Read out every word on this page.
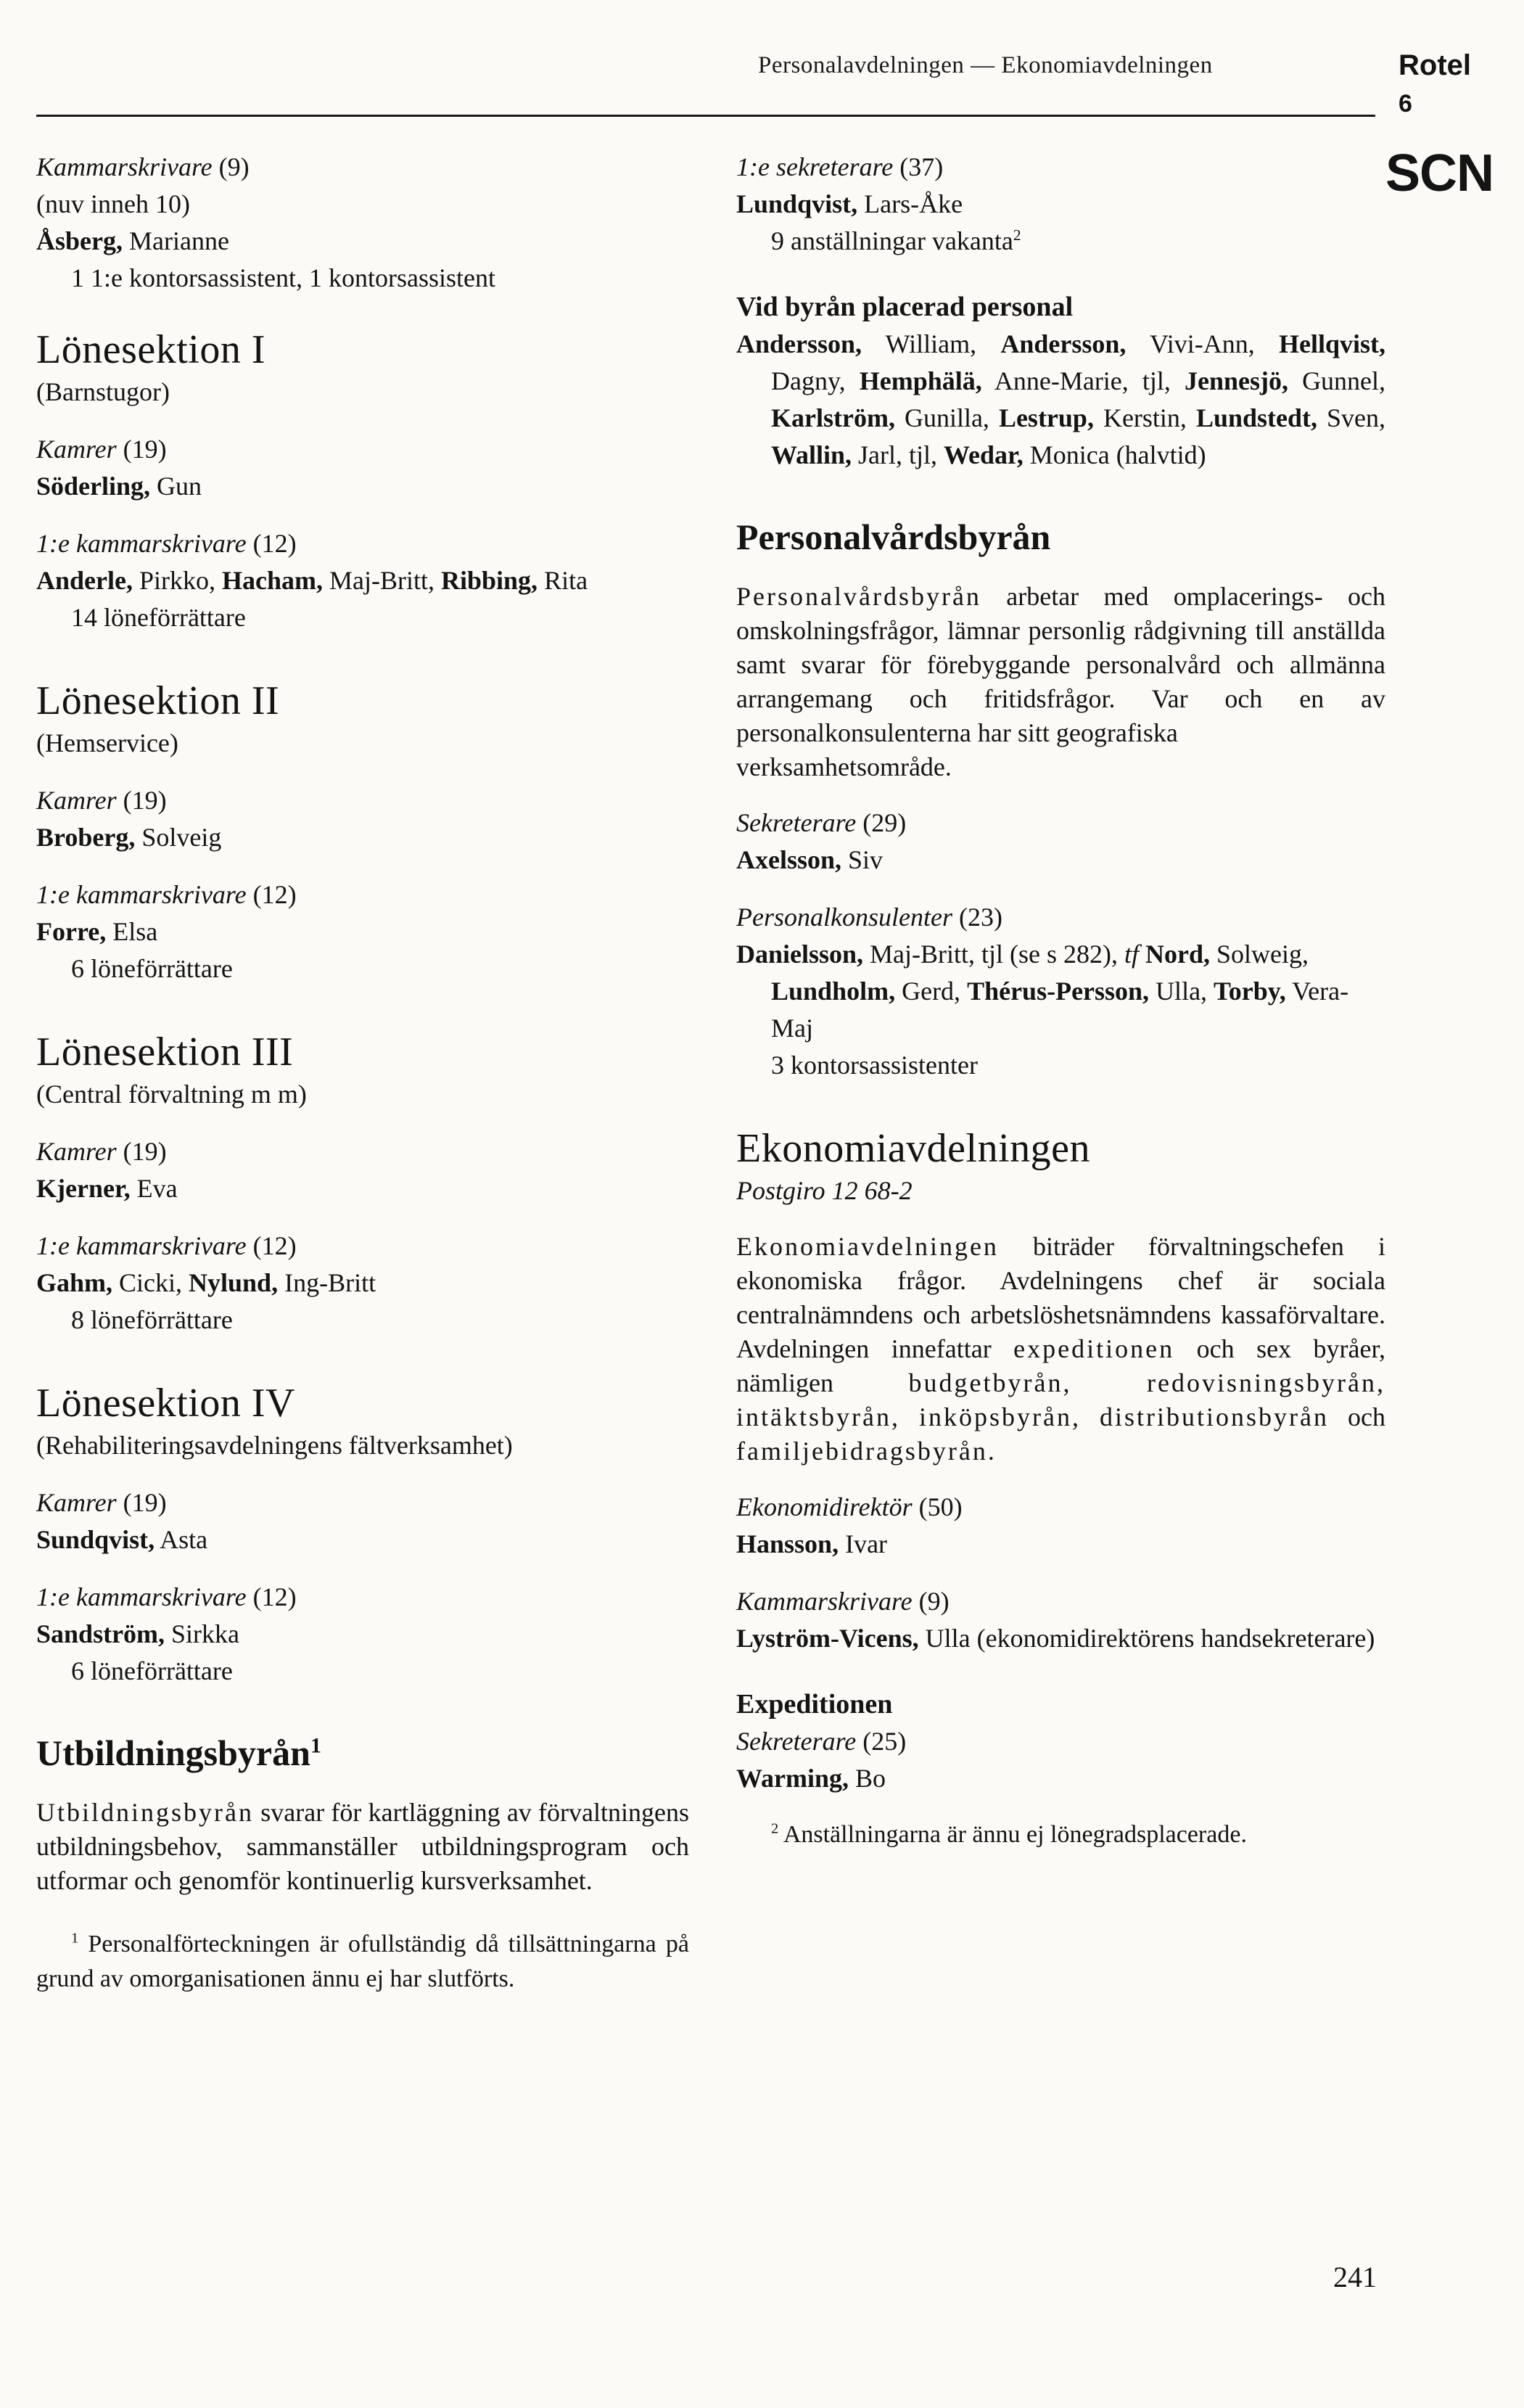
Personalavdelningen — Ekonomiavdelningen	Rotel
6
SCN

Kammarskrivare (9)

(nuv inneh 10)

Åsberg, Marianne

1 1:e kontorsassistent, 1 kontorsassistent

Lönesektion I

(Barnstugor)

Kamrer (19)

Söderling, Gun

1:e kammarskrivare (12)

Anderle, Pirkko, Hacham, Maj-Britt, Ribbing, Rita

14 löneförrättare

Lönesektion II

(Hemservice)

Kamrer (19)

Broberg, Solveig

1:e kammarskrivare (12)

Forre, Elsa

6 löneförrättare

Lönesektion III

(Central förvaltning m m)

Kamrer (19)

Kjerner, Eva

1:e kammarskrivare (12)

Gahm, Cicki, Nylund, Ing-Britt

8 löneförrättare

Lönesektion IV

(Rehabiliteringsavdelningens fältverksamhet)

Kamrer (19)

Sundqvist, Asta

1:e kammarskrivare (12)

Sandström, Sirkka

6 löneförrättare

Utbildningsbyrån$^1$

Utbildningsbyrån svarar för kartläggning av förvaltningens utbildningsbehov, sammanställer utbildningsprogram och utformar och genomför kontinuerlig kursverksamhet.

$^1$ Personalförteckningen är ofullständig då tillsättningarna på grund av omorganisationen ännu ej har slutförts.

1:e sekreterare (37)

Lundqvist, Lars-Åke

9 anställningar vakanta$^2$

Vid byrån placerad personal

Andersson, William, Andersson, Vivi-Ann, Hellqvist, Dagny, Hemphälä, Anne-Marie, tjl, Jennesjö, Gunnel, Karlström, Gunilla, Lestrup, Kerstin, Lundstedt, Sven, Wallin, Jarl, tjl, Wedar, Monica (halvtid)

Personalvårdsbyrån

Personalvårdsbyrån arbetar med omplacerings- och omskolningsfrågor, lämnar personlig rådgivning till anställda samt svarar för förebyggande personalvård och allmänna arrangemang och fritidsfrågor. Var och en av personalkonsulenterna har sitt geografiska

verksamhetsområde.

Sekreterare (29)

Axelsson, Siv

Personalkonsulenter (23)

Danielsson, Maj-Britt, tjl (se s 282), tf Nord, Solweig, Lundholm, Gerd, Thérus-Persson, Ulla, Torby, Vera-Maj

3 kontorsassistenter

Ekonomiavdelningen

Postgiro 12 68-2

Ekonomiavdelningen biträder förvaltningschefen i ekonomiska frågor. Avdelningens chef är sociala centralnämndens och arbetslöshetsnämndens kassaförvaltare. Avdelningen innefattar expeditionen och sex byråer, nämligen	budgetbyrån,	redovisningsbyrån, intäktsbyrån, inköpsbyrån, distributionsbyrån och familjebidragsbyrån.

Ekonomidirektör (50)

Hansson, Ivar

Kammarskrivare (9)

Lyström-Vicens, Ulla (ekonomidirektörens handsekreterare)

Expeditionen

Sekreterare (25)

Warming, Bo

$^2$ Anställningarna är ännu ej lönegradsplacerade.

241
